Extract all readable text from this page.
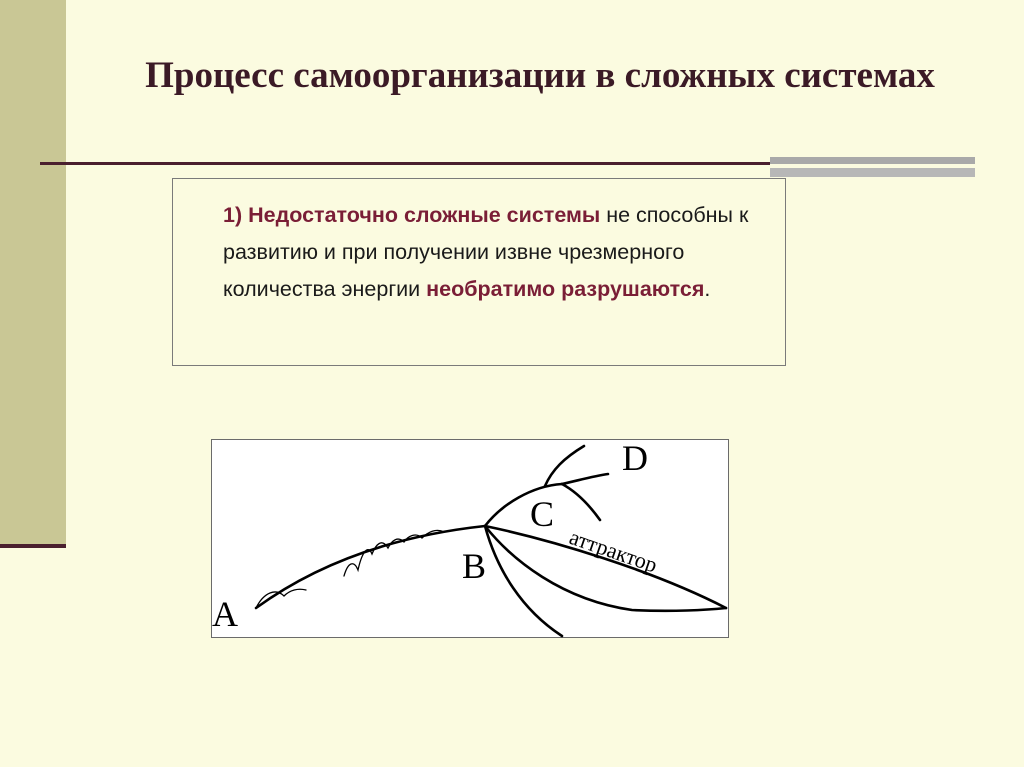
Процесс самоорганизации в сложных системах

1) Недостаточно сложные системы не способны к развитию и при получении извне чрезмерного количества энергии необратимо разрушаются.

A
B
C
D
аттрактор
